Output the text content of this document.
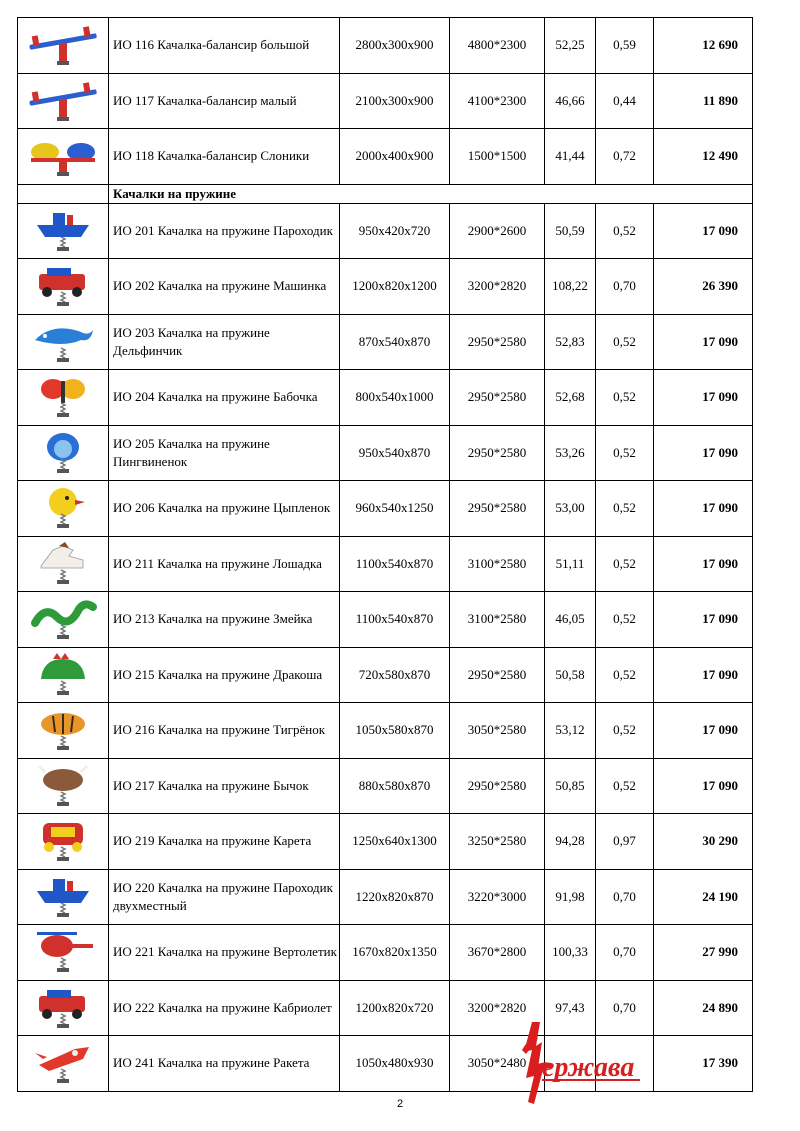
	ИО 116 Качалка-балансир большой	2800х300х900	4800*2300	52,25	0,59	12 690

	ИО 117 Качалка-балансир малый	2100х300х900	4100*2300	46,66	0,44	11 890

	ИО 118 Качалка-балансир Слоники	2000х400х900	1500*1500	41,44	0,72	12 490
	Качалки на пружине					

	ИО 201 Качалка на пружине Пароходик	950х420х720	2900*2600	50,59	0,52	17 090

	ИО 202 Качалка на пружине Машинка	1200х820х1200	3200*2820	108,22	0,70	26 390

	ИО 203 Качалка на пружине Дельфинчик	870х540х870	2950*2580	52,83	0,52	17 090

	ИО 204 Качалка на пружине Бабочка	800х540х1000	2950*2580	52,68	0,52	17 090

	ИО 205 Качалка на пружине Пингвиненок	950х540х870	2950*2580	53,26	0,52	17 090

	ИО 206 Качалка на пружине Цыпленок	960х540х1250	2950*2580	53,00	0,52	17 090

	ИО 211 Качалка на пружине Лошадка	1100х540х870	3100*2580	51,11	0,52	17 090

	ИО 213 Качалка на пружине Змейка	1100х540х870	3100*2580	46,05	0,52	17 090

	ИО 215 Качалка на пружине Дракоша	720х580х870	2950*2580	50,58	0,52	17 090

	ИО 216 Качалка на пружине Тигрёнок	1050х580х870	3050*2580	53,12	0,52	17 090

	ИО 217 Качалка на пружине Бычок	880х580х870	2950*2580	50,85	0,52	17 090

	ИО 219 Качалка на пружине Карета	1250х640х1300	3250*2580	94,28	0,97	30 290

	ИО 220 Качалка на пружине Пароходик двухместный	1220х820х870	3220*3000	91,98	0,70	24 190

	ИО 221 Качалка на пружине Вертолетик	1670х820х1350	3670*2800	100,33	0,70	27 990

	ИО 222 Качалка на пружине Кабриолет	1200х820х720	3200*2820	97,43	0,70	24 890

	ИО 241 Качалка на пружине Ракета	1050х480х930	3050*2480			17 390
2
ержава
